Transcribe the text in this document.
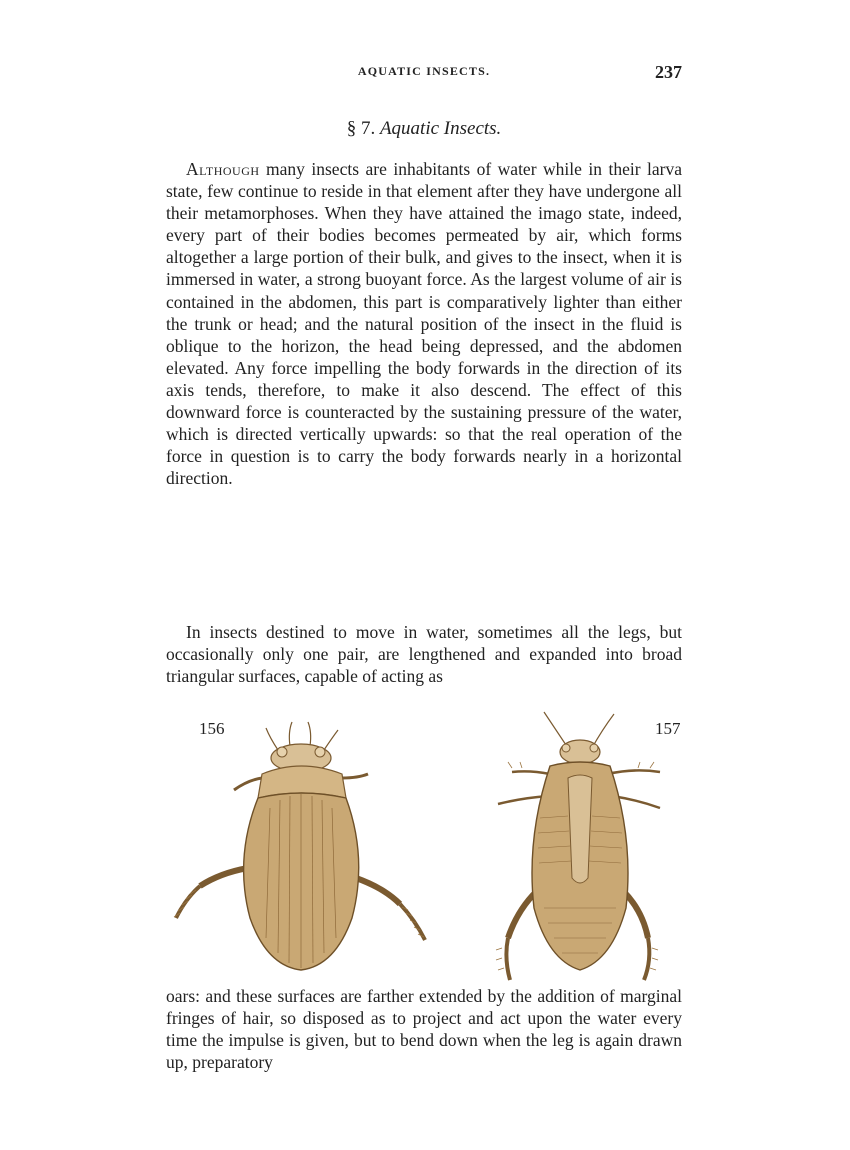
AQUATIC INSECTS.	237
§ 7. Aquatic Insects.

Although many insects are inhabitants of water while in their larva state, few continue to reside in that element after they have undergone all their metamorphoses. When they have attained the imago state, indeed, every part of their bodies becomes permeated by air, which forms altogether a large portion of their bulk, and gives to the insect, when it is immersed in water, a strong buoyant force. As the largest volume of air is contained in the abdomen, this part is comparatively lighter than either the trunk or head; and the natural position of the insect in the fluid is oblique to the horizon, the head being depressed, and the abdomen elevated. Any force impelling the body forwards in the direction of its axis tends, therefore, to make it also descend. The effect of this downward force is counteracted by the sustaining pressure of the water, which is directed vertically upwards: so that the real operation of the force in question is to carry the body forwards nearly in a horizontal direction.

In insects destined to move in water, sometimes all the legs, but occasionally only one pair, are lengthened and expanded into broad triangular surfaces, capable of acting as

156	157

oars: and these surfaces are farther extended by the addition of marginal fringes of hair, so disposed as to project and act upon the water every time the impulse is given, but to bend down when the leg is again drawn up, preparatory
